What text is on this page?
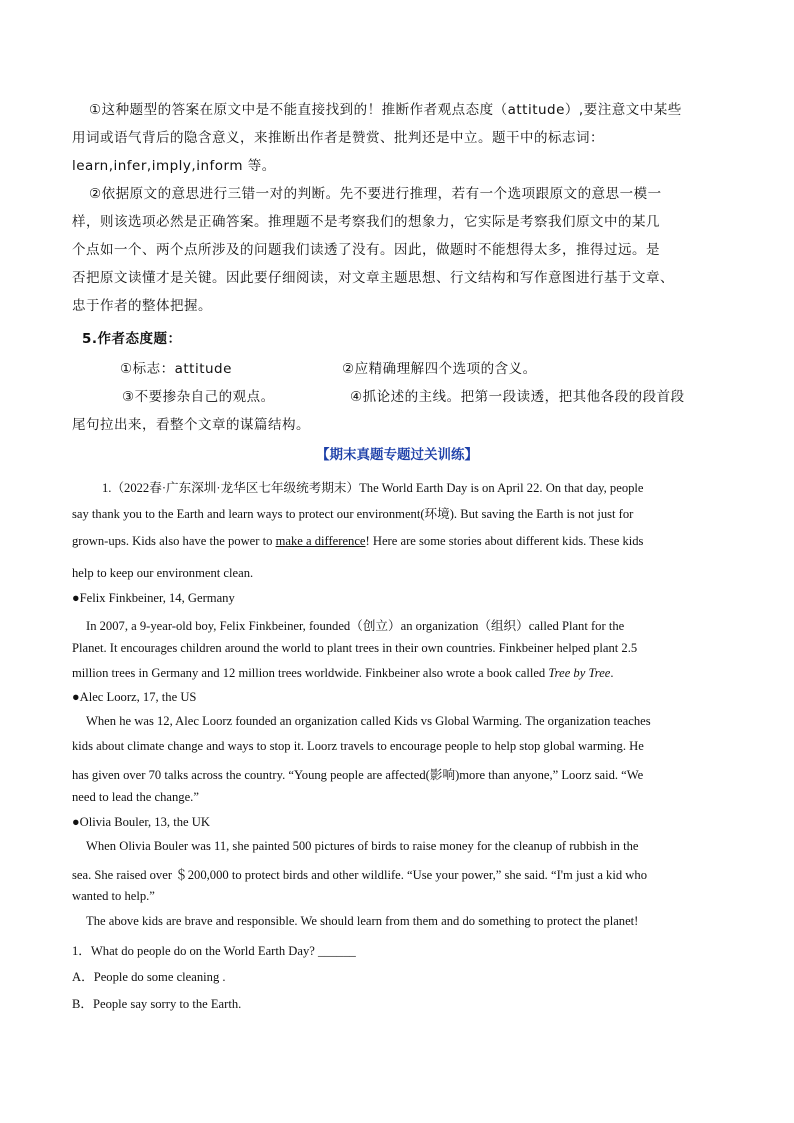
①这种题型的答案在原文中是不能直接找到的！推断作者观点态度（attitude）,要注意文中某些

用词或语气背后的隐含意义，来推断出作者是赞赏、批判还是中立。题干中的标志词：

learn,infer,imply,inform 等。

②依据原文的意思进行三错一对的判断。先不要进行推理，若有一个选项跟原文的意思一模一

样，则该选项必然是正确答案。推理题不是考察我们的想象力，它实际是考察我们原文中的某几

个点如一个、两个点所涉及的问题我们读透了没有。因此，做题时不能想得太多，推得过远。是

否把原文读懂才是关键。因此要仔细阅读，对文章主题思想、行文结构和写作意图进行基于文章、

忠于作者的整体把握。

5.作者态度题：
①标志：attitude	②应精确理解四个选项的含义。
③不要掺杂自己的观点。	④抓论述的主线。把第一段读透，把其他各段的段首段
尾句拉出来，看整个文章的谋篇结构。
【期末真题专题过关训练】
1.（2022春·广东深圳·龙华区七年级统考期末）The World Earth Day is on April 22. On that day, people
say thank you to the Earth and learn ways to protect our environment(环境). But saving the Earth is not just for
grown-ups. Kids also have the power to make a difference! Here are some stories about different kids. These kids
help to keep our environment clean.
●Felix Finkbeiner, 14, Germany
In 2007, a 9-year-old boy, Felix Finkbeiner, founded（创立）an organization（组织）called Plant for the
Planet. It encourages children around the world to plant trees in their own countries. Finkbeiner helped plant 2.5
million trees in Germany and 12 million trees worldwide. Finkbeiner also wrote a book called Tree by Tree.
●Alec Loorz, 17, the US
When he was 12, Alec Loorz founded an organization called Kids vs Global Warming. The organization teaches
kids about climate change and ways to stop it. Loorz travels to encourage people to help stop global warming. He
has given over 70 talks across the country. “Young people are affected(影响)more than anyone,” Loorz said. “We
need to lead the change.”
●Olivia Bouler, 13, the UK
When Olivia Bouler was 11, she painted 500 pictures of birds to raise money for the cleanup of rubbish in the
sea. She raised over ＄200,000 to protect birds and other wildlife. “Use your power,” she said. “I'm just a kid who
wanted to help.”
The above kids are brave and responsible. We should learn from them and do something to protect the planet!
1．What do people do on the World Earth Day? ______
A．People do some cleaning .
B．People say sorry to the Earth.
